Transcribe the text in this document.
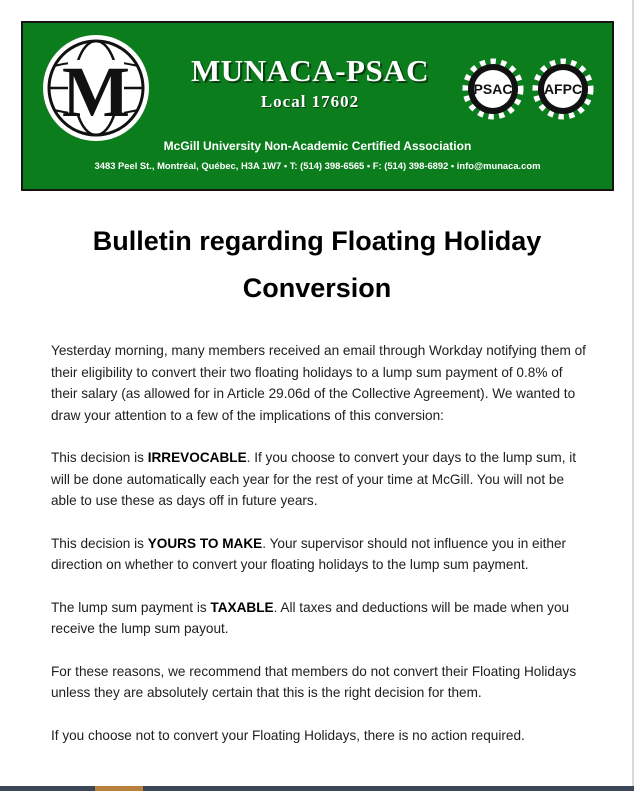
M	MUNACA-PSAC
Local 17602
PSAC AFPC
McGill University Non-Academic Certified Association
3483 Peel St., Montréal, Québec, H3A 1W7 • T: (514) 398-6565 • F: (514) 398-6892 • info@munaca.com
Bulletin regarding Floating Holiday Conversion

Yesterday morning, many members received an email through Workday notifying them of their eligibility to convert their two floating holidays to a lump sum payment of 0.8% of their salary (as allowed for in Article 29.06d of the Collective Agreement). We wanted to draw your attention to a few of the implications of this conversion:

This decision is IRREVOCABLE. If you choose to convert your days to the lump sum, it will be done automatically each year for the rest of your time at McGill. You will not be able to use these as days off in future years.

This decision is YOURS TO MAKE. Your supervisor should not influence you in either direction on whether to convert your floating holidays to the lump sum payment.

The lump sum payment is TAXABLE. All taxes and deductions will be made when you receive the lump sum payout.

For these reasons, we recommend that members do not convert their Floating Holidays unless they are absolutely certain that this is the right decision for them.

If you choose not to convert your Floating Holidays, there is no action required.
